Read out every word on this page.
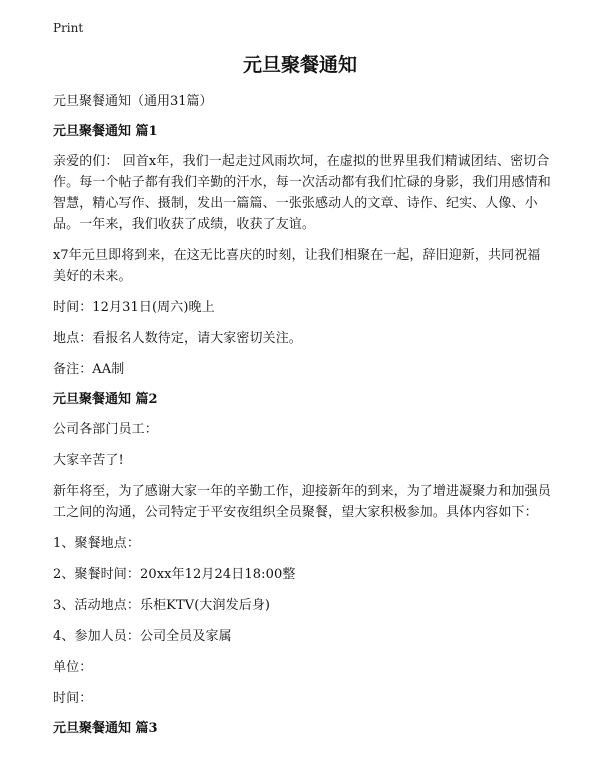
Print
元旦聚餐通知

元旦聚餐通知（通用31篇）

元旦聚餐通知 篇1

亲爱的们： 回首x年，我们一起走过风雨坎坷，在虚拟的世界里我们精诚团结、密切合作。每一个帖子都有我们辛勤的汗水，每一次活动都有我们忙碌的身影，我们用感情和智慧，精心写作、摄制，发出一篇篇、一张张感动人的文章、诗作、纪实、人像、小品。一年来，我们收获了成绩，收获了友谊。

x7年元旦即将到来，在这无比喜庆的时刻，让我们相聚在一起，辞旧迎新，共同祝福美好的未来。

时间：12月31日(周六)晚上

地点：看报名人数待定，请大家密切关注。

备注：AA制

元旦聚餐通知 篇2

公司各部门员工：

大家辛苦了!

新年将至，为了感谢大家一年的辛勤工作，迎接新年的到来，为了增进凝聚力和加强员工之间的沟通，公司特定于平安夜组织全员聚餐，望大家积极参加。具体内容如下：

1、聚餐地点：

2、聚餐时间：20xx年12月24日18:00整

3、活动地点：乐柜KTV(大润发后身)

4、参加人员：公司全员及家属

单位：

时间：

元旦聚餐通知 篇3
